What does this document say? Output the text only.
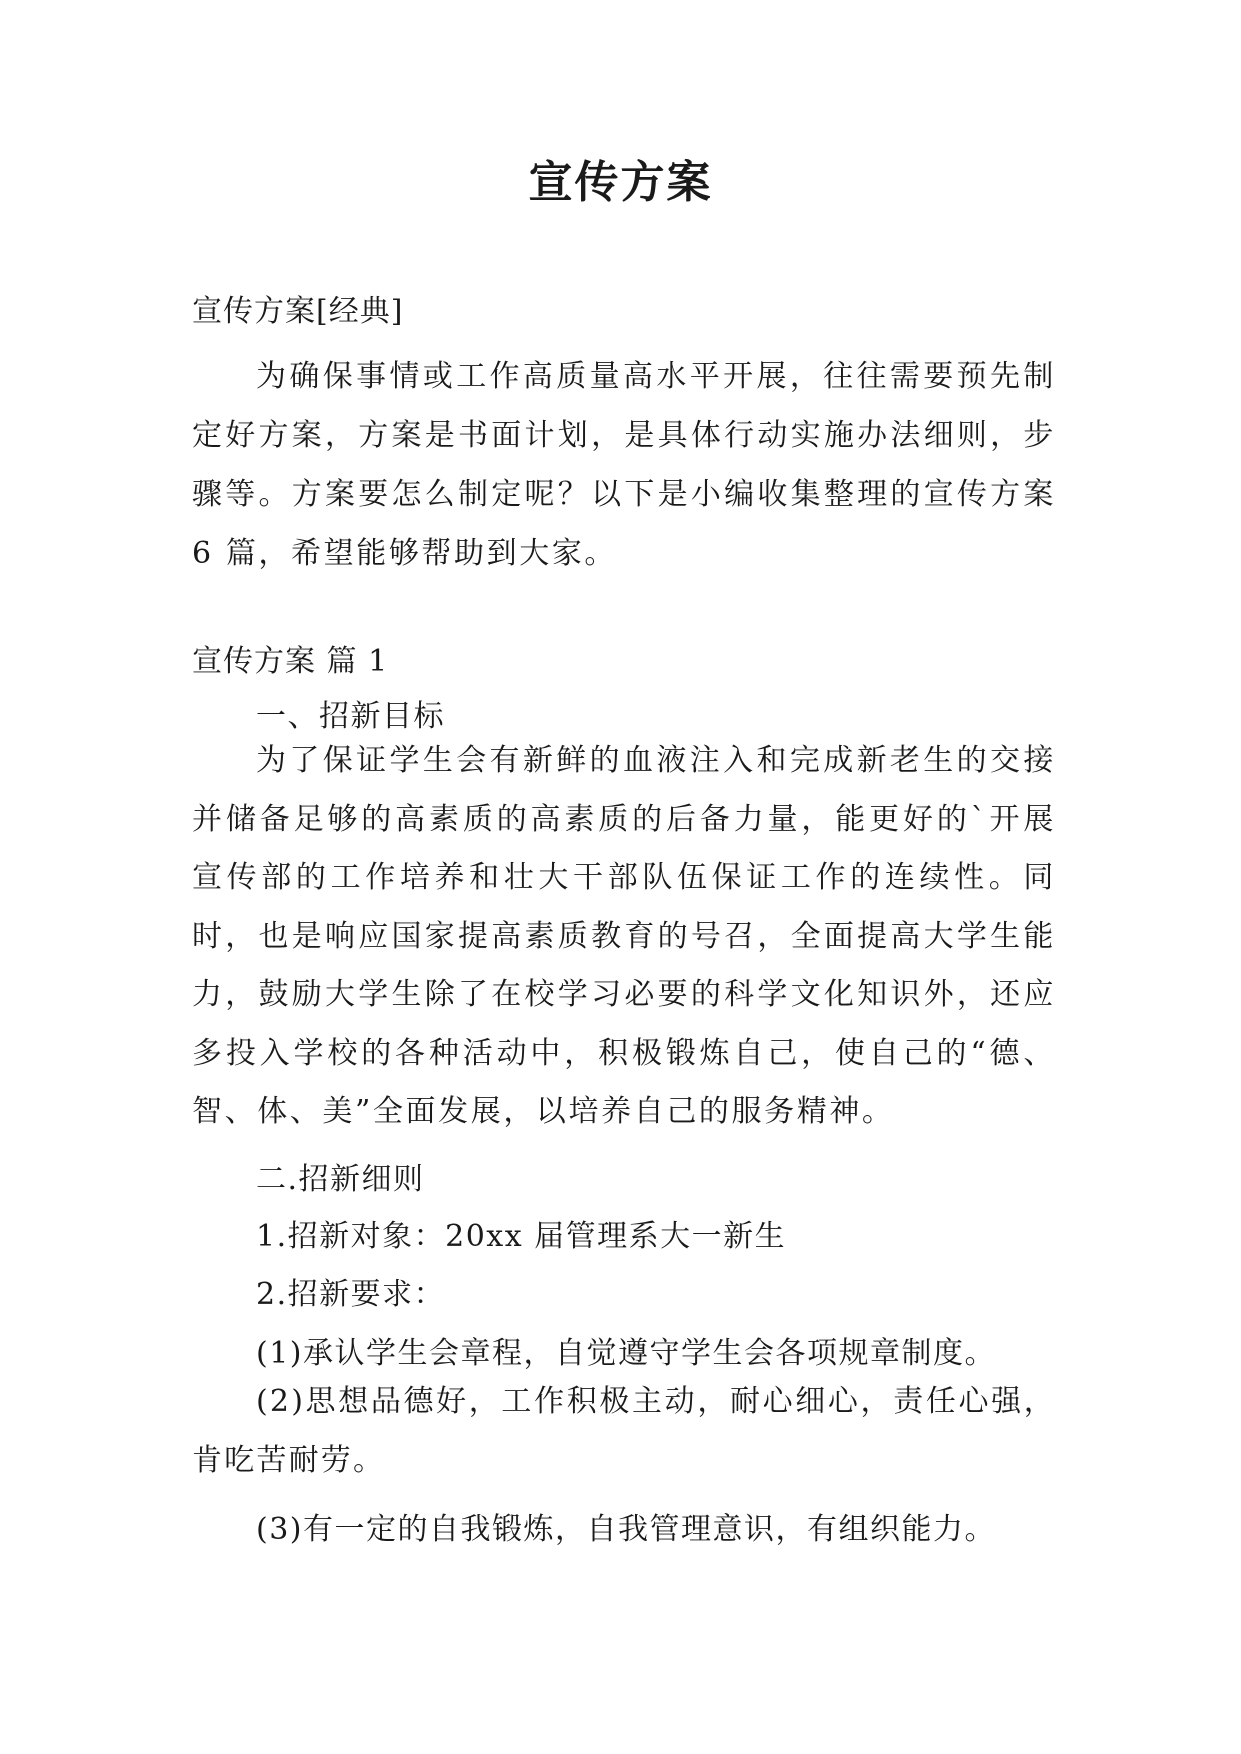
宣传方案
宣传方案[经典]

为确保事情或工作高质量高水平开展，往往需要预先制定好方案，方案是书面计划，是具体行动实施办法细则，步骤等。方案要怎么制定呢？以下是小编收集整理的宣传方案 6 篇，希望能够帮助到大家。

宣传方案 篇 1
一、招新目标

为了保证学生会有新鲜的血液注入和完成新老生的交接并储备足够的高素质的高素质的后备力量，能更好的`开展宣传部的工作培养和壮大干部队伍保证工作的连续性。同时，也是响应国家提高素质教育的号召，全面提高大学生能力，鼓励大学生除了在校学习必要的科学文化知识外，还应多投入学校的各种活动中，积极锻炼自己，使自己的“德、智、体、美”全面发展，以培养自己的服务精神。

二.招新细则
1.招新对象：20xx 届管理系大一新生
2.招新要求：
(1)承认学生会章程，自觉遵守学生会各项规章制度。

(2)思想品德好，工作积极主动，耐心细心，责任心强，肯吃苦耐劳。

(3)有一定的自我锻炼，自我管理意识，有组织能力。
